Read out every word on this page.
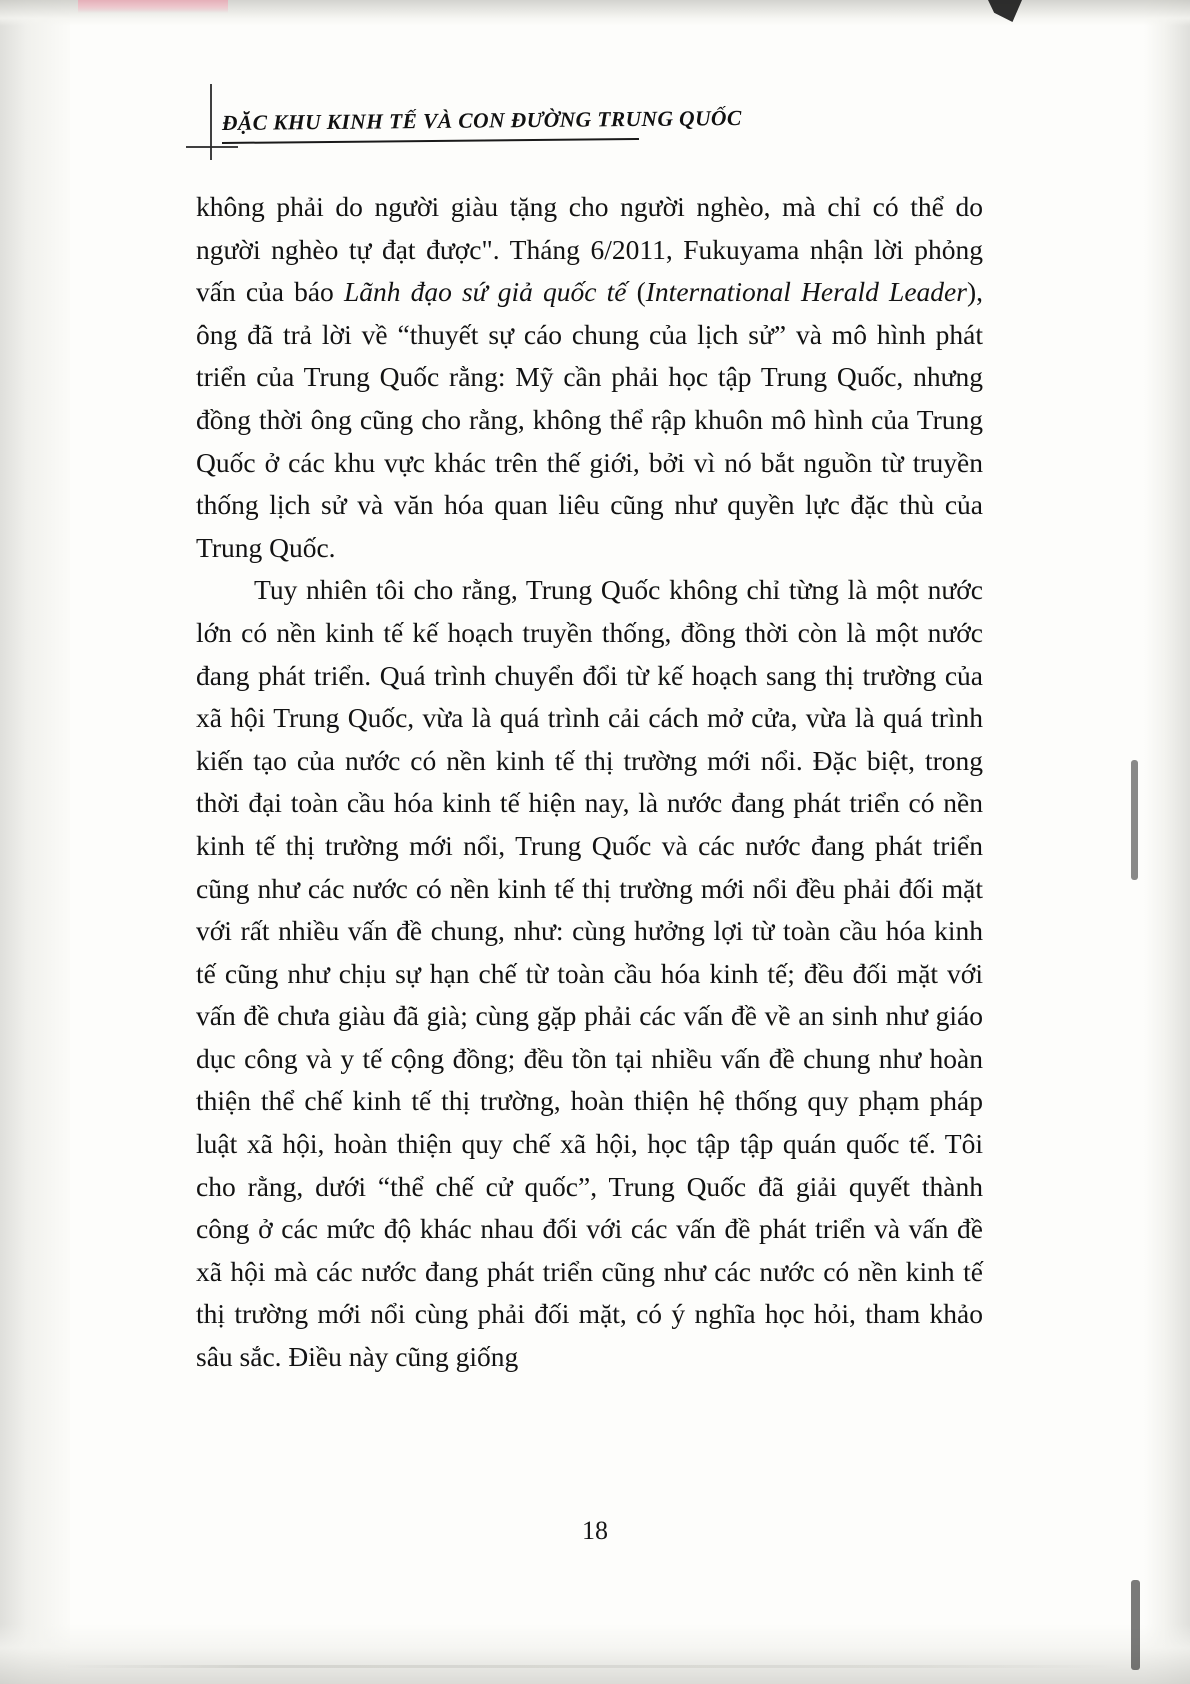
ĐẶC KHU KINH TẾ VÀ CON ĐƯỜNG TRUNG QUỐC

không phải do người giàu tặng cho người nghèo, mà chỉ có thể do người nghèo tự đạt được". Tháng 6/2011, Fukuyama nhận lời phỏng vấn của báo Lãnh đạo sứ giả quốc tế (International Herald Leader), ông đã trả lời về “thuyết sự cáo chung của lịch sử” và mô hình phát triển của Trung Quốc rằng: Mỹ cần phải học tập Trung Quốc, nhưng đồng thời ông cũng cho rằng, không thể rập khuôn mô hình của Trung Quốc ở các khu vực khác trên thế giới, bởi vì nó bắt nguồn từ truyền thống lịch sử và văn hóa quan liêu cũng như quyền lực đặc thù của Trung Quốc.

Tuy nhiên tôi cho rằng, Trung Quốc không chỉ từng là một nước lớn có nền kinh tế kế hoạch truyền thống, đồng thời còn là một nước đang phát triển. Quá trình chuyển đổi từ kế hoạch sang thị trường của xã hội Trung Quốc, vừa là quá trình cải cách mở cửa, vừa là quá trình kiến tạo của nước có nền kinh tế thị trường mới nổi. Đặc biệt, trong thời đại toàn cầu hóa kinh tế hiện nay, là nước đang phát triển có nền kinh tế thị trường mới nổi, Trung Quốc và các nước đang phát triển cũng như các nước có nền kinh tế thị trường mới nổi đều phải đối mặt với rất nhiều vấn đề chung, như: cùng hưởng lợi từ toàn cầu hóa kinh tế cũng như chịu sự hạn chế từ toàn cầu hóa kinh tế; đều đối mặt với vấn đề chưa giàu đã già; cùng gặp phải các vấn đề về an sinh như giáo dục công và y tế cộng đồng; đều tồn tại nhiều vấn đề chung như hoàn thiện thể chế kinh tế thị trường, hoàn thiện hệ thống quy phạm pháp luật xã hội, hoàn thiện quy chế xã hội, học tập tập quán quốc tế. Tôi cho rằng, dưới “thể chế cử quốc”, Trung Quốc đã giải quyết thành công ở các mức độ khác nhau đối với các vấn đề phát triển và vấn đề xã hội mà các nước đang phát triển cũng như các nước có nền kinh tế thị trường mới nổi cùng phải đối mặt, có ý nghĩa học hỏi, tham khảo sâu sắc. Điều này cũng giống

18
